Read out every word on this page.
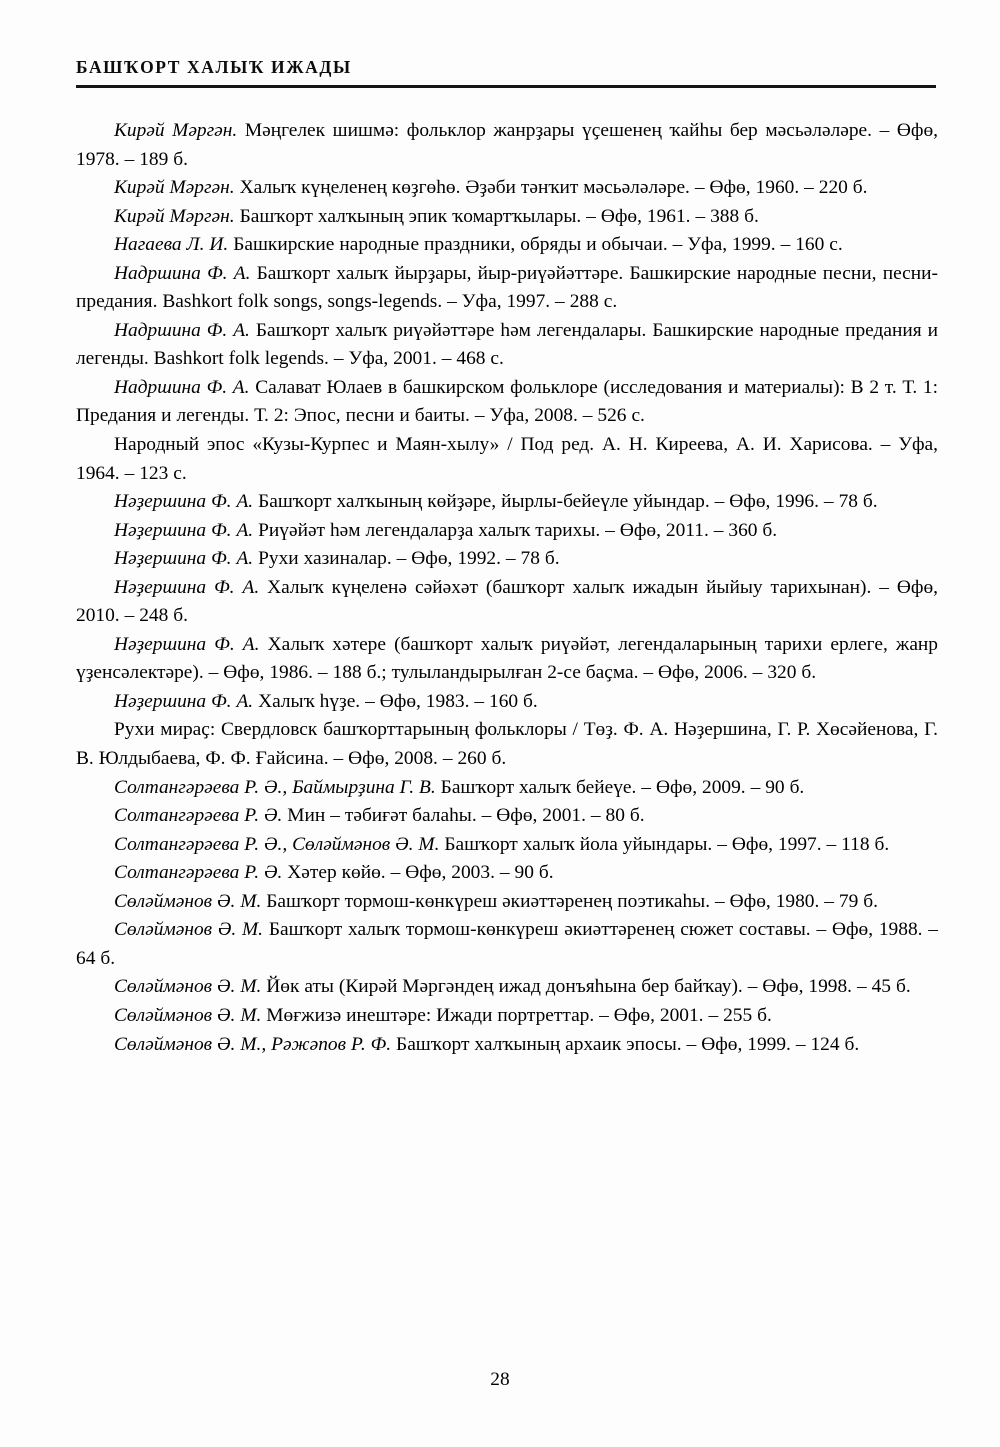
БАШҠОРТ ХАЛЫҠ ИЖАДЫ

Кирәй Мәргән. Мәңгелек шишмә: фольклор жанрҙары үҫешенең ҡайһы бер мәсьәләләре. – Өфө, 1978. – 189 б.

Кирәй Мәргән. Халыҡ күңеленең көҙгөһө. Әҙәби тәнҡит мәсьәләләре. – Өфө, 1960. – 220 б.

Кирәй Мәргән. Башҡорт халҡының эпик ҡомартҡылары. – Өфө, 1961. – 388 б.

Нагаева Л. И. Башкирские народные праздники, обряды и обычаи. – Уфа, 1999. – 160 с.

Надршина Ф. А. Башҡорт халыҡ йырҙары, йыр-риүәйәттәре. Башкирские народные песни, песни-предания. Bashkort folk songs, songs-legends. – Уфа, 1997. – 288 с.

Надршина Ф. А. Башҡорт халыҡ риүәйәттәре һәм легендалары. Башкирские народные предания и легенды. Bashkort folk legends. – Уфа, 2001. – 468 с.

Надршина Ф. А. Салават Юлаев в башкирском фольклоре (исследования и материалы): В 2 т. Т. 1: Предания и легенды. Т. 2: Эпос, песни и баиты. – Уфа, 2008. – 526 с.

Народный эпос «Кузы-Курпес и Маян-хылу» / Под ред. А. Н. Киреева, А. И. Харисова. – Уфа, 1964. – 123 с.

Нәҙершина Ф. А. Башҡорт халҡының көйҙәре, йырлы-бейеүле уйындар. – Өфө, 1996. – 78 б.

Нәҙершина Ф. А. Риүәйәт һәм легендаларҙа халыҡ тарихы. – Өфө, 2011. – 360 б.

Нәҙершина Ф. А. Рухи хазиналар. – Өфө, 1992. – 78 б.

Нәҙершина Ф. А. Халыҡ күңеленә сәйәхәт (башҡорт халыҡ ижадын йыйыу тарихынан). – Өфө, 2010. – 248 б.

Нәҙершина Ф. А. Халыҡ хәтере (башҡорт халыҡ риүәйәт, легендаларының тарихи ерлеге, жанр үҙенсәлектәре). – Өфө, 1986. – 188 б.; тулыландырылған 2-се баҫма. – Өфө, 2006. – 320 б.

Нәҙершина Ф. А. Халыҡ һүҙе. – Өфө, 1983. – 160 б.

Рухи мираҫ: Свердловск башҡорттарының фольклоры / Төҙ. Ф. А. Нәҙершина, Г. Р. Хөсәйенова, Г. В. Юлдыбаева, Ф. Ф. Ғайсина. – Өфө, 2008. – 260 б.

Солтангәрәева Р. Ә., Баймырҙина Г. В. Башҡорт халыҡ бейеүе. – Өфө, 2009. – 90 б.

Солтангәрәева Р. Ә. Мин – тәбиғәт балаһы. – Өфө, 2001. – 80 б.

Солтангәрәева Р. Ә., Сөләймәнов Ә. М. Башҡорт халыҡ йола уйындары. – Өфө, 1997. – 118 б.

Солтангәрәева Р. Ә. Хәтер көйө. – Өфө, 2003. – 90 б.

Сөләймәнов Ә. М. Башҡорт тормош-көнкүреш әкиәттәренең поэтикаһы. – Өфө, 1980. – 79 б.

Сөләймәнов Ә. М. Башҡорт халыҡ тормош-көнкүреш әкиәттәренең сюжет составы. – Өфө, 1988. – 64 б.

Сөләймәнов Ә. М. Йөк аты (Кирәй Мәргәндең ижад донъяһына бер байҡау). – Өфө, 1998. – 45 б.

Сөләймәнов Ә. М. Мөғжизә инештәре: Ижади портреттар. – Өфө, 2001. – 255 б.

Сөләймәнов Ә. М., Рәжәпов Р. Ф. Башҡорт халҡының архаик эпосы. – Өфө, 1999. – 124 б.

28
